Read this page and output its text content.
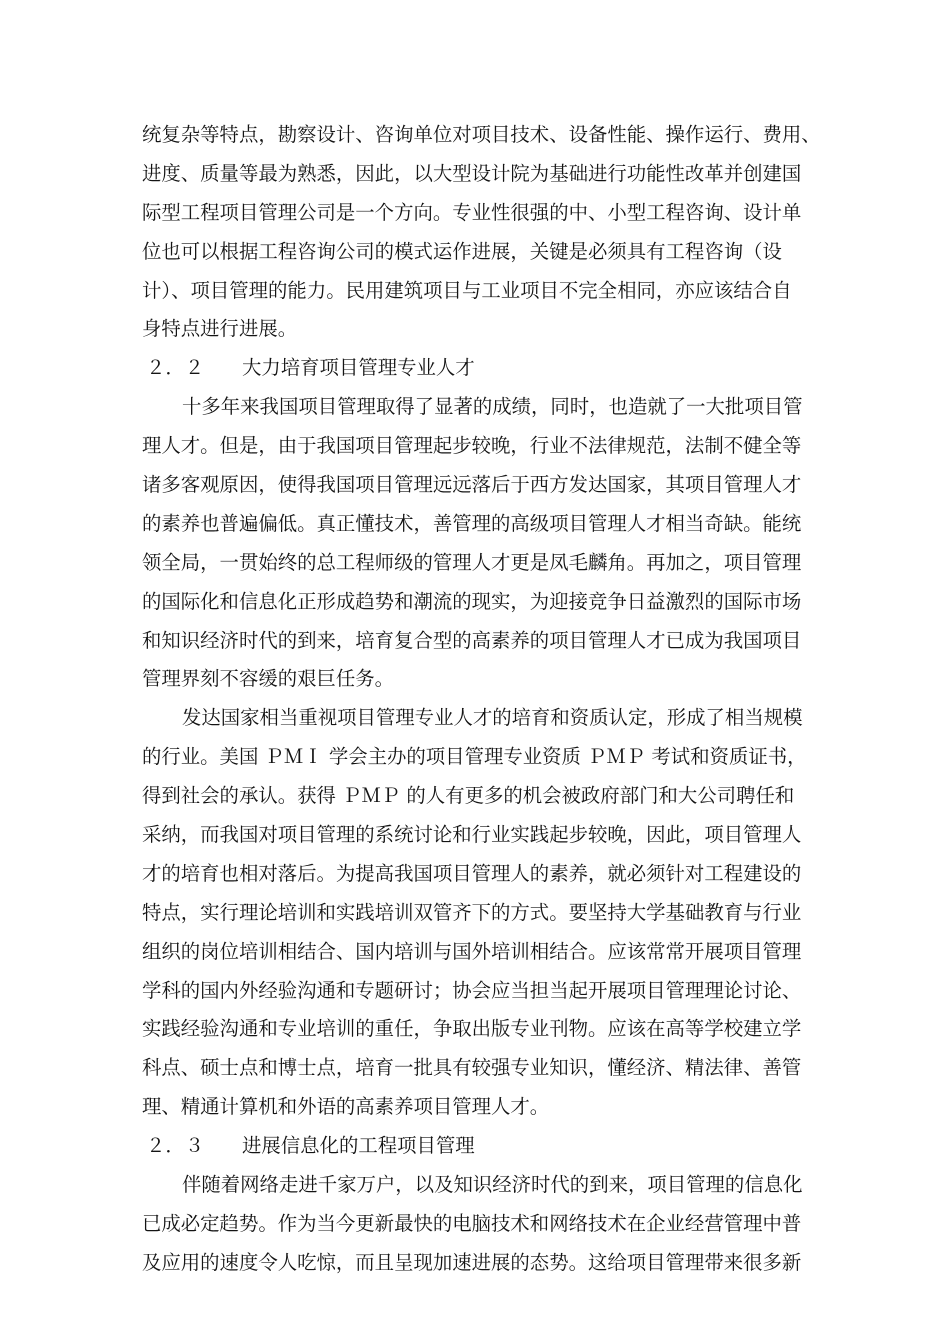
统复杂等特点，勘察设计、咨询单位对项目技术、设备性能、操作运行、费用、
进度、质量等最为熟悉，因此，以大型设计院为基础进行功能性改革并创建国
际型工程项目管理公司是一个方向。专业性很强的中、小型工程咨询、设计单
位也可以根据工程咨询公司的模式运作进展，关键是必须具有工程咨询（设
计）、项目管理的能力。民用建筑项目与工业项目不完全相同，亦应该结合自
身特点进行进展。
２．２ 大力培育项目管理专业人才
十多年来我国项目管理取得了显著的成绩，同时，也造就了一大批项目管
理人才。但是，由于我国项目管理起步较晚，行业不法律规范，法制不健全等
诸多客观原因，使得我国项目管理远远落后于西方发达国家，其项目管理人才
的素养也普遍偏低。真正懂技术，善管理的高级项目管理人才相当奇缺。能统
领全局，一贯始终的总工程师级的管理人才更是凤毛麟角。再加之，项目管理
的国际化和信息化正形成趋势和潮流的现实，为迎接竞争日益激烈的国际市场
和知识经济时代的到来，培育复合型的高素养的项目管理人才已成为我国项目
管理界刻不容缓的艰巨任务。
发达国家相当重视项目管理专业人才的培育和资质认定，形成了相当规模
的行业。美国 ＰＭＩ 学会主办的项目管理专业资质 ＰＭＰ 考试和资质证书，
得到社会的承认。获得 ＰＭＰ 的人有更多的机会被政府部门和大公司聘任和
采纳，而我国对项目管理的系统讨论和行业实践起步较晚，因此，项目管理人
才的培育也相对落后。为提高我国项目管理人的素养，就必须针对工程建设的
特点，实行理论培训和实践培训双管齐下的方式。要坚持大学基础教育与行业
组织的岗位培训相结合、国内培训与国外培训相结合。应该常常开展项目管理
学科的国内外经验沟通和专题研讨；协会应当担当起开展项目管理理论讨论、
实践经验沟通和专业培训的重任，争取出版专业刊物。应该在高等学校建立学
科点、硕士点和博士点，培育一批具有较强专业知识，懂经济、精法律、善管
理、精通计算机和外语的高素养项目管理人才。
２．３ 进展信息化的工程项目管理
伴随着网络走进千家万户，以及知识经济时代的到来，项目管理的信息化
已成必定趋势。作为当今更新最快的电脑技术和网络技术在企业经营管理中普
及应用的速度令人吃惊，而且呈现加速进展的态势。这给项目管理带来很多新
